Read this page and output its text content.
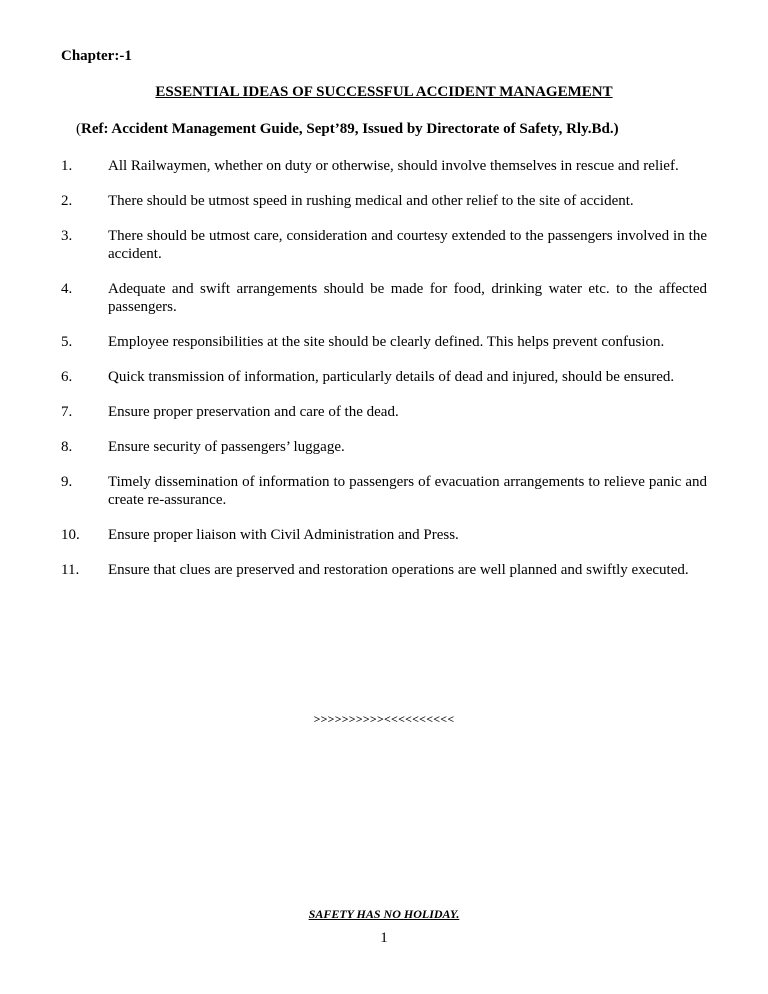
Chapter:-1
ESSENTIAL IDEAS OF SUCCESSFUL ACCIDENT MANAGEMENT
(Ref: Accident Management Guide, Sept’89, Issued by Directorate of Safety, Rly.Bd.)
1.	All Railwaymen, whether on duty or otherwise, should involve themselves in rescue and relief.
2.	There should be utmost speed in rushing medical and other relief to the site of accident.
3.	There should be utmost care, consideration and courtesy extended to the passengers involved in the accident.
4.	Adequate and swift arrangements should be made for food, drinking water etc. to the affected passengers.
5.	Employee responsibilities at the site should be clearly defined. This helps prevent confusion.
6.	Quick transmission of information, particularly details of dead and injured, should be ensured.
7.	Ensure proper preservation and care of the dead.
8.	Ensure security of passengers’ luggage.
9.	Timely dissemination of information to passengers of evacuation arrangements to relieve panic and create re-assurance.
10.	Ensure proper liaison with Civil Administration and Press.
11.	Ensure that clues are preserved and restoration operations are well planned and swiftly executed.
>>>>>>>>>><<<<<<<<<<
SAFETY HAS NO HOLIDAY.
1
